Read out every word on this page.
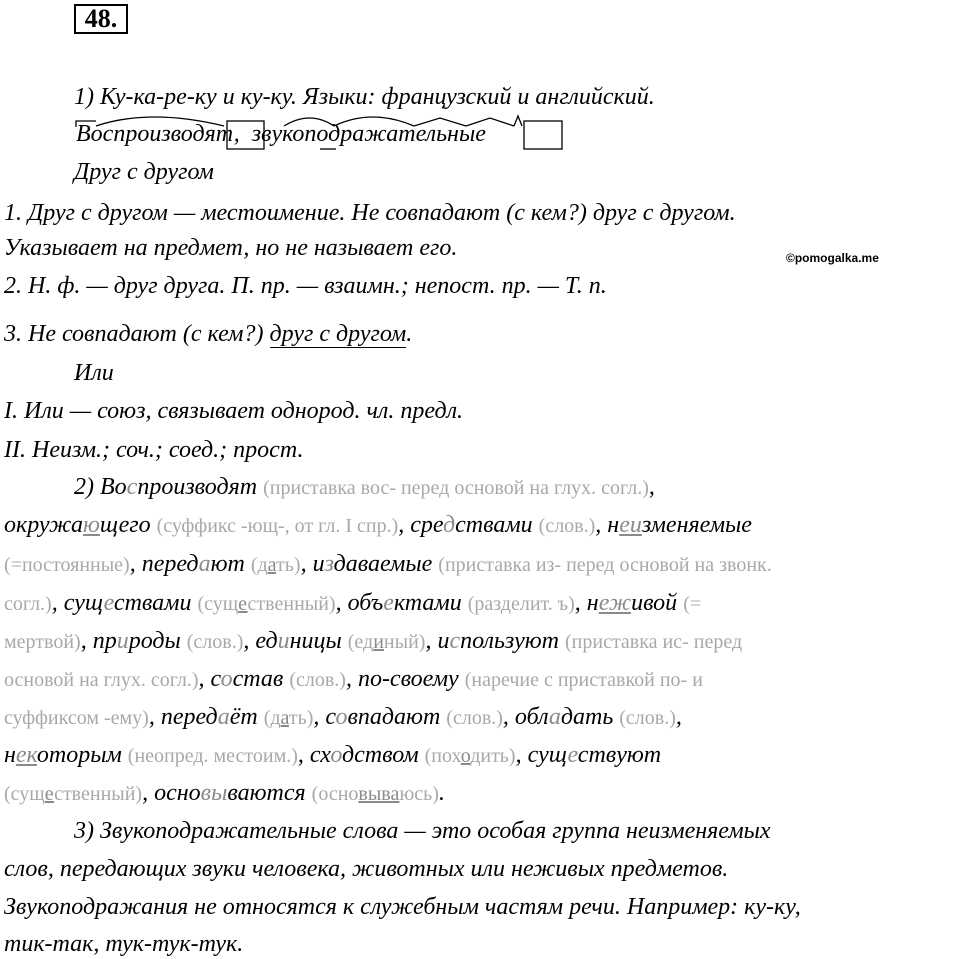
48.
©pomogalka.me
1) Ку-ка-ре-ку и ку-ку. Языки: французский и английский.
Воспроизводят, звукоподражательные
Друг с другом
1. Друг с другом — местоимение. Не совпадают (с кем?) друг с другом.
Указывает на предмет, но не называет его.
2. Н. ф. — друг друга. П. пр. — взаимн.; непост. пр. — Т. п.
3. Не совпадают (с кем?) друг с другом.
Или
I. Или — союз, связывает однород. чл. предл.
II. Неизм.; соч.; соед.; прост.
2) Воспроизводят (приставка вос- перед основой на глух. согл.),
окружающего (суффикс -ющ-, от гл. I спр.), средствами (слов.), неизменяемые
(=постоянные), передают (дать), издаваемые (приставка из- перед основой на звонк.
согл.), существами (существенный), объектами (разделит. ъ), неживой (=
мертвой), природы (слов.), единицы (единый), используют (приставка ис- перед
основой на глух. согл.), состав (слов.), по-своему (наречие с приставкой по- и
суффиксом -ему), передаёт (дать), совпадают (слов.), обладать (слов.),
некоторым (неопред. местоим.), сходством (походить), существуют
(существенный), основываются (основываюсь).
3) Звукоподражательные слова — это особая группа неизменяемых
слов, передающих звуки человека, животных или неживых предметов.
Звукоподражания не относятся к служебным частям речи. Например: ку-ку,
тик-так, тук-тук-тук.
